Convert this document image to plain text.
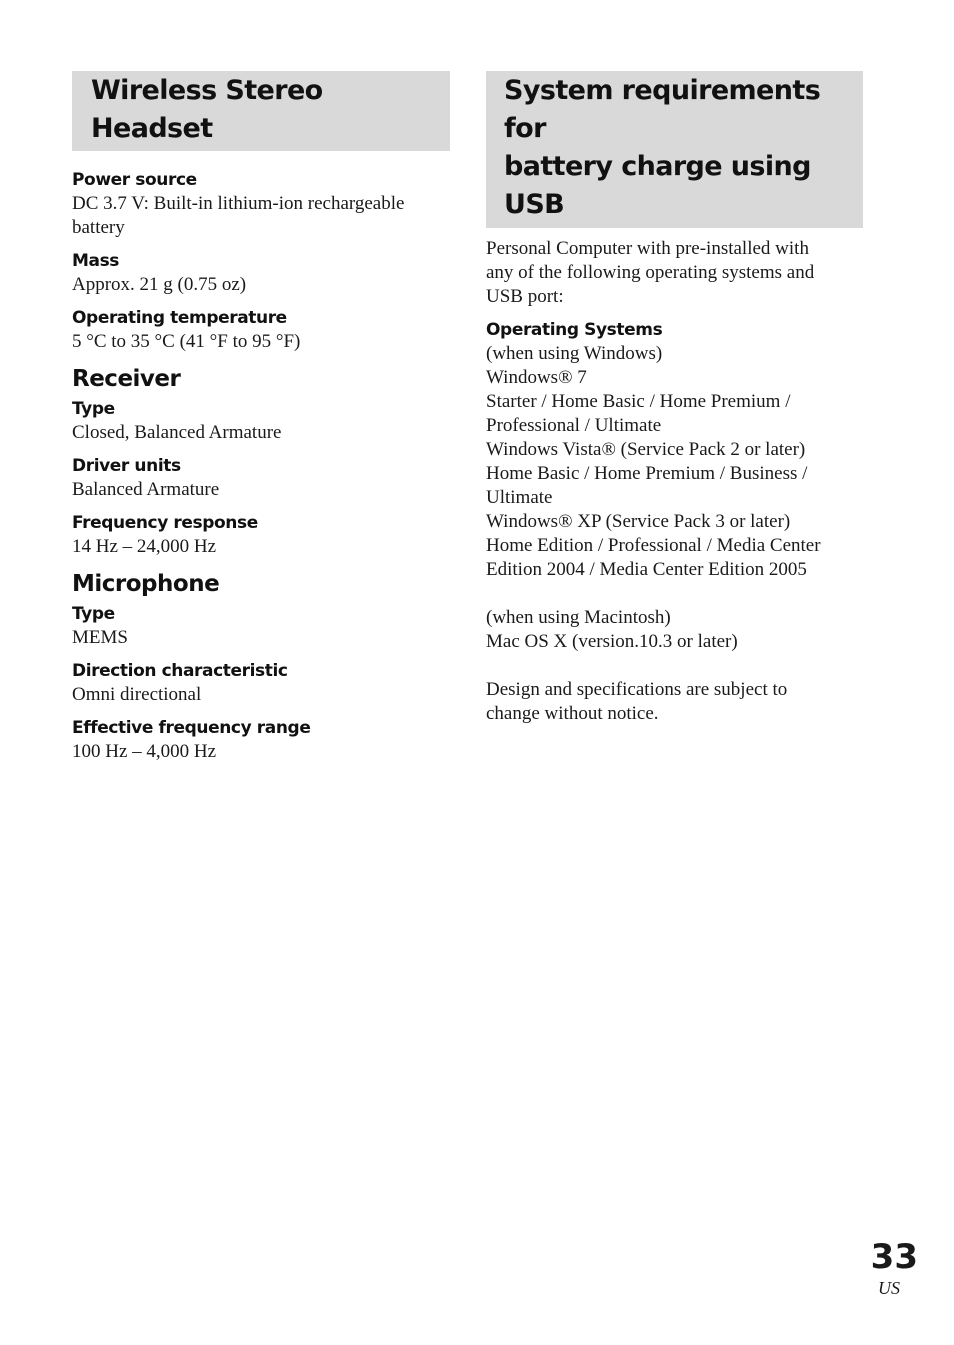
Wireless Stereo Headset
Power source
DC 3.7 V: Built-in lithium-ion rechargeable
battery
Mass
Approx. 21 g (0.75 oz)
Operating temperature
5 °C to 35 °C (41 °F to 95 °F)
Receiver
Type
Closed, Balanced Armature
Driver units
Balanced Armature
Frequency response
14 Hz – 24,000 Hz
Microphone
Type
MEMS
Direction characteristic
Omni directional
Effective frequency range
100 Hz – 4,000 Hz
System requirements for
battery charge using
USB
Personal Computer with pre-installed with
any of the following operating systems and
USB port:
Operating Systems
(when using Windows)
Windows® 7
Starter / Home Basic / Home Premium /
Professional / Ultimate
Windows Vista® (Service Pack 2 or later)
Home Basic / Home Premium / Business /
Ultimate
Windows® XP (Service Pack 3 or later)
Home Edition / Professional / Media Center
Edition 2004 / Media Center Edition 2005
(when using Macintosh)
Mac OS X (version.10.3 or later)
Design and specifications are subject to
change without notice.
33
US
